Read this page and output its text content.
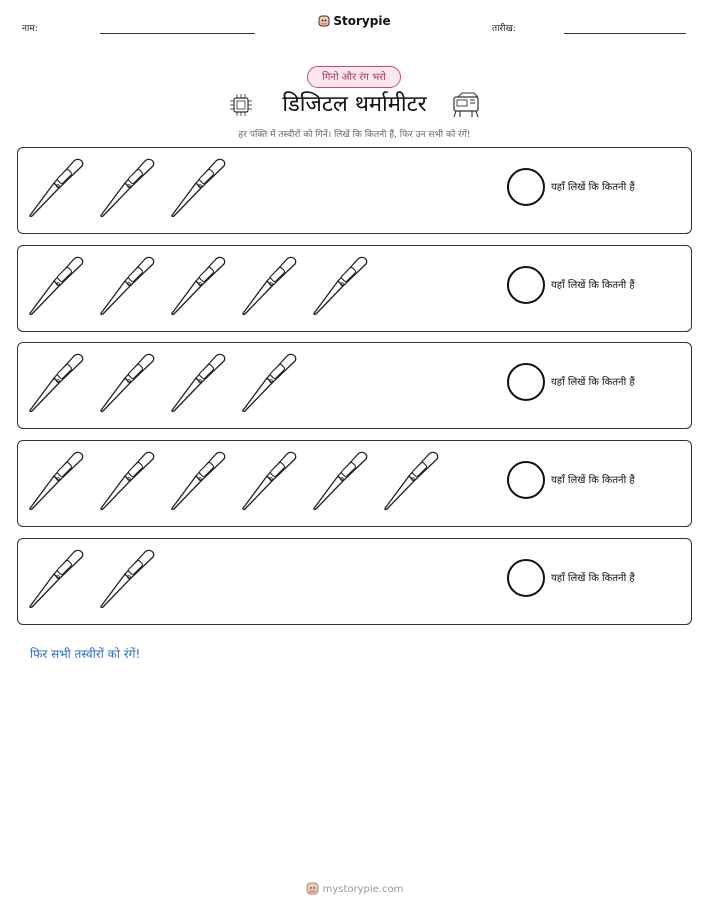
नाम:
Storypie
तारीख:
गिनो और रंग भरो
डिजिटल थर्मामीटर
हर पंक्ति में तस्वीरों को गिनें। लिखें कि कितनी हैं, फिर उन सभी को रंगें!
यहाँ लिखें कि कितनी हैं
यहाँ लिखें कि कितनी हैं
यहाँ लिखें कि कितनी हैं
यहाँ लिखें कि कितनी हैं
यहाँ लिखें कि कितनी हैं
फिर सभी तस्वीरों को रंगें!
mystorypie.com
